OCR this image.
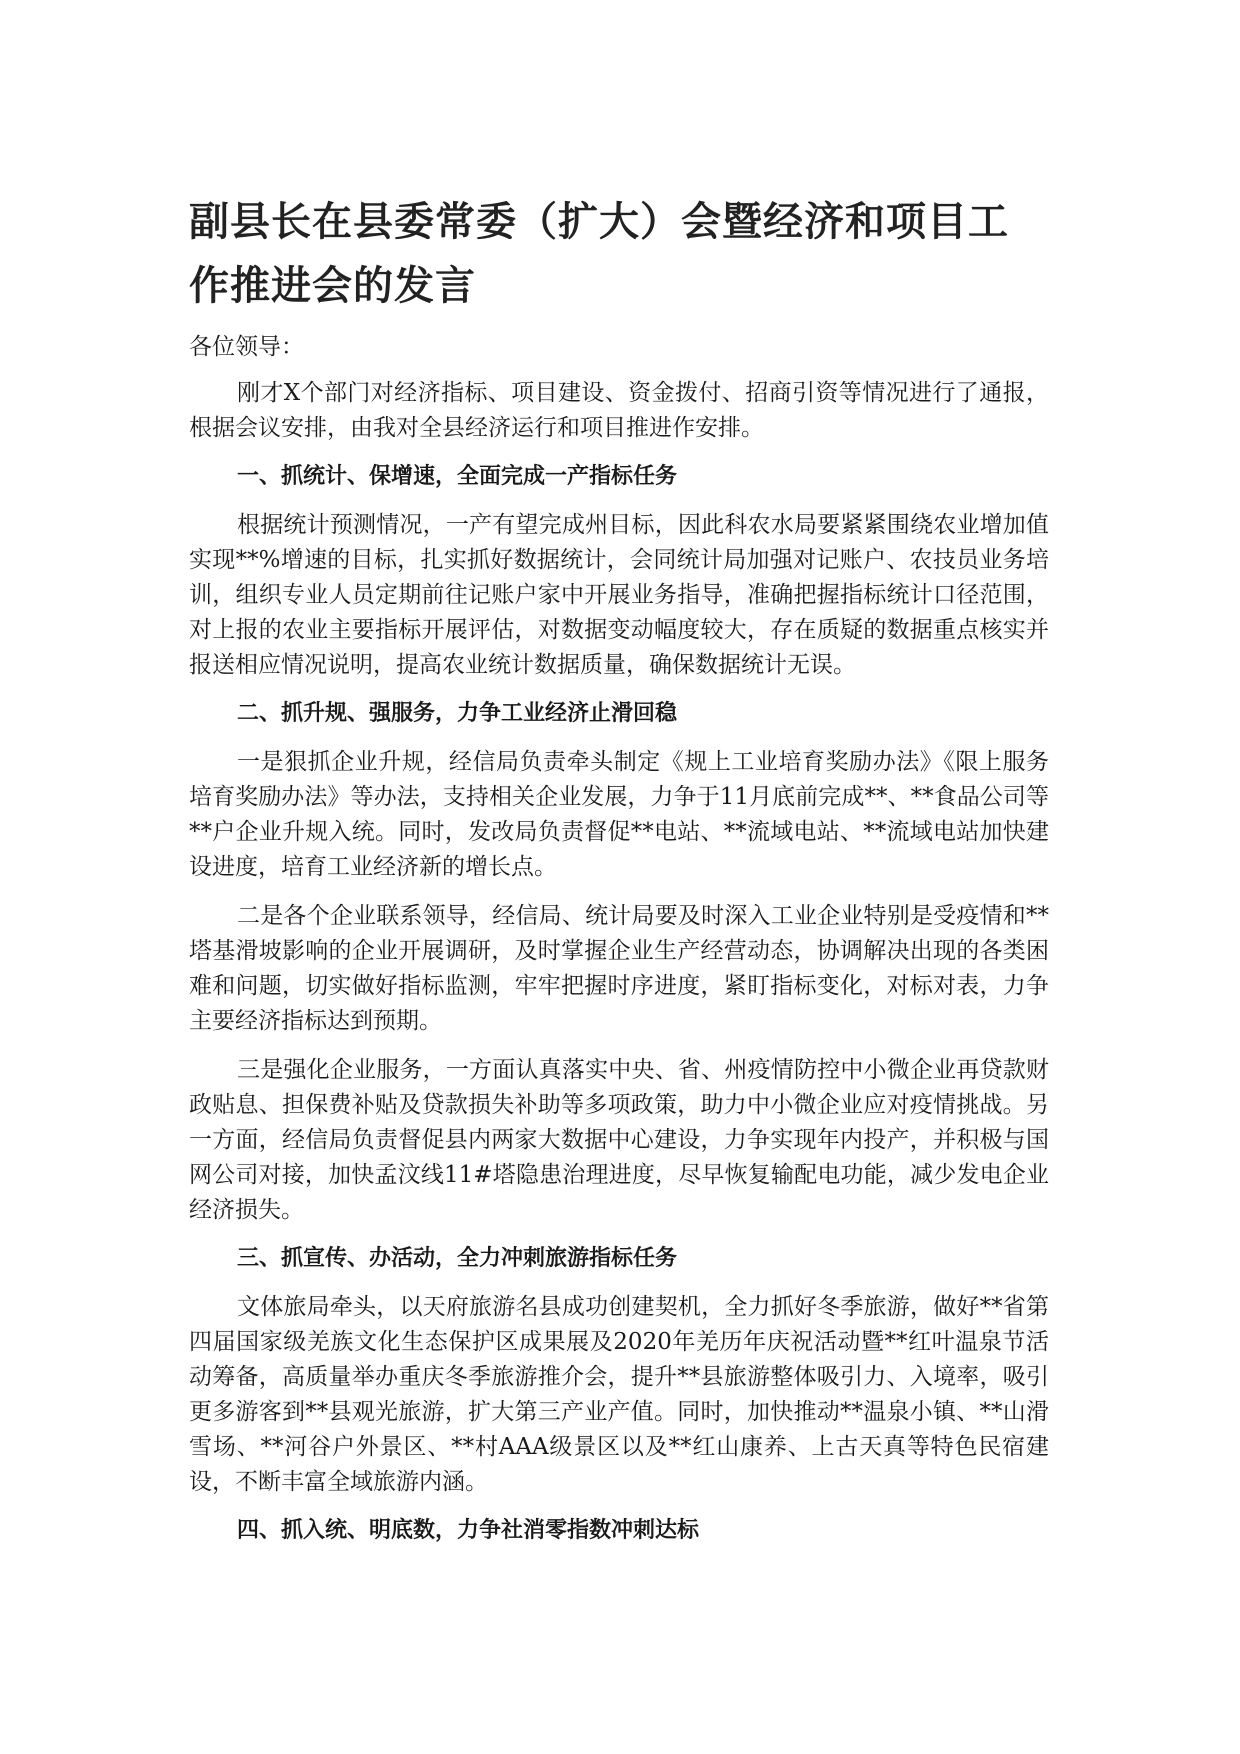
副县长在县委常委（扩大）会暨经济和项目工作推进会的发言

各位领导：

刚才X个部门对经济指标、项目建设、资金拨付、招商引资等情况进行了通报，根据会议安排，由我对全县经济运行和项目推进作安排。

一、抓统计、保增速，全面完成一产指标任务

根据统计预测情况，一产有望完成州目标，因此科农水局要紧紧围绕农业增加值实现**%增速的目标，扎实抓好数据统计，会同统计局加强对记账户、农技员业务培训，组织专业人员定期前往记账户家中开展业务指导，准确把握指标统计口径范围，对上报的农业主要指标开展评估，对数据变动幅度较大，存在质疑的数据重点核实并报送相应情况说明，提高农业统计数据质量，确保数据统计无误。

二、抓升规、强服务，力争工业经济止滑回稳

一是狠抓企业升规，经信局负责牵头制定《规上工业培育奖励办法》《限上服务培育奖励办法》等办法，支持相关企业发展，力争于11月底前完成**、**食品公司等**户企业升规入统。同时，发改局负责督促**电站、**流域电站、**流域电站加快建设进度，培育工业经济新的增长点。

二是各个企业联系领导，经信局、统计局要及时深入工业企业特别是受疫情和**塔基滑坡影响的企业开展调研，及时掌握企业生产经营动态，协调解决出现的各类困难和问题，切实做好指标监测，牢牢把握时序进度，紧盯指标变化，对标对表，力争主要经济指标达到预期。

三是强化企业服务，一方面认真落实中央、省、州疫情防控中小微企业再贷款财政贴息、担保费补贴及贷款损失补助等多项政策，助力中小微企业应对疫情挑战。另一方面，经信局负责督促县内两家大数据中心建设，力争实现年内投产，并积极与国网公司对接，加快孟汶线11#塔隐患治理进度，尽早恢复输配电功能，减少发电企业经济损失。

三、抓宣传、办活动，全力冲刺旅游指标任务

文体旅局牵头，以天府旅游名县成功创建契机，全力抓好冬季旅游，做好**省第四届国家级羌族文化生态保护区成果展及2020年羌历年庆祝活动暨**红叶温泉节活动筹备，高质量举办重庆冬季旅游推介会，提升**县旅游整体吸引力、入境率，吸引更多游客到**县观光旅游，扩大第三产业产值。同时，加快推动**温泉小镇、**山滑雪场、**河谷户外景区、**村AAA级景区以及**红山康养、上古天真等特色民宿建设，不断丰富全域旅游内涵。

四、抓入统、明底数，力争社消零指数冲刺达标
